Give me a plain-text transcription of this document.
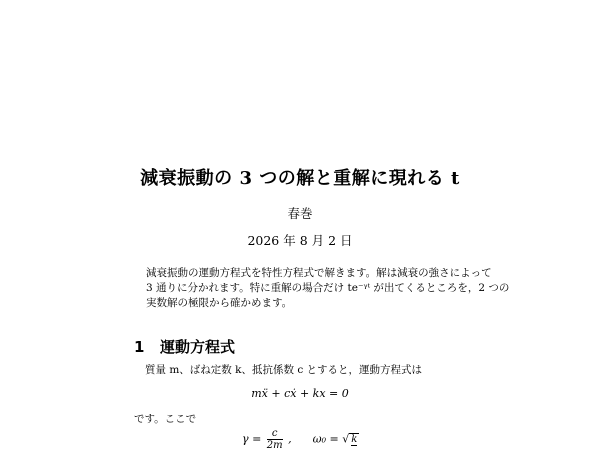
減衰振動の 3 つの解と重解に現れる t
春巻
2026 年 8 月 2 日
減衰振動の運動方程式を特性方程式で解きます。解は減衰の強さによって
3 通りに分かれます。特に重解の場合だけ te⁻ᵞᵗ が出てくるところを，2 つの
実数解の極限から確かめます。
1 運動方程式

質量 m、ばね定数 k、抵抗係数 c とすると，運動方程式は

mẍ + cẋ + kx = 0

です。ここで

$\gamma = \frac{c}{2m}$ , ω₀ = √ k
